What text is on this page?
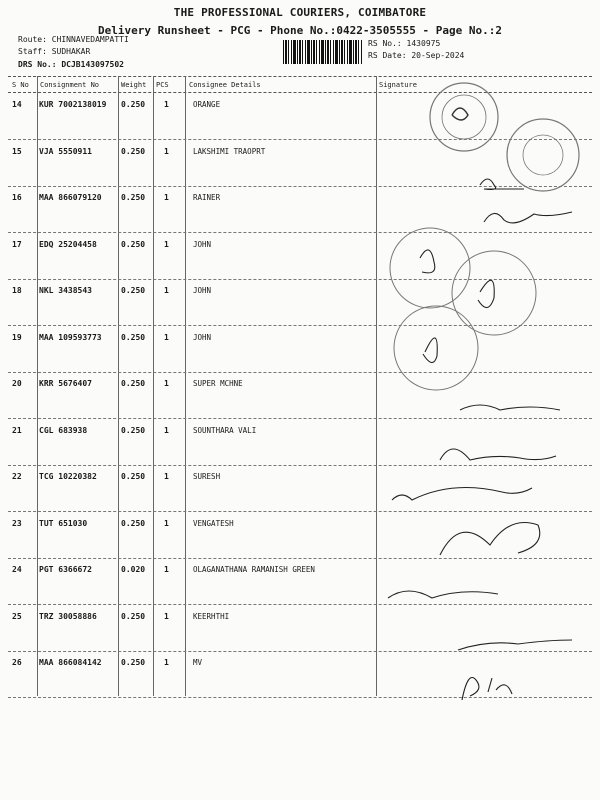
THE PROFESSIONAL COURIERS, COIMBATORE
Delivery Runsheet - PCG - Phone No.:0422-3505555 - Page No.:2
Route: CHINNAVEDAMPATTI
Staff: SUDHAKAR
DRS No.: DCJB143097502
RS No.: 1430975
RS Date: 20-Sep-2024
S No Consignment No	Weight PCS	Consignee Details	Signature
14 KUR 7002138019 0.250 1	ORANGE
15 VJA 5550911	0.250 1	LAKSHIMI TRAOPRT
16 MAA 866079120 0.250 1	RAINER
17 EDQ 25204458	0.250 1	JOHN
18 NKL 3438543	0.250 1	JOHN
19 MAA 109593773 0.250 1	JOHN
20 KRR 5676407	0.250 1	SUPER MCHNE
21 CGL 683938	0.250 1	SOUNTHARA VALI
22 TCG 10220382	0.250 1	SURESH
23 TUT 651030	0.250 1	VENGATESH
24 PGT 6366672	0.020 1	OLAGANATHANA RAMANISH GREEN
25 TRZ 30058886	0.250 1	KEERHTHI
26 MAA 866084142 0.250 1	MV
